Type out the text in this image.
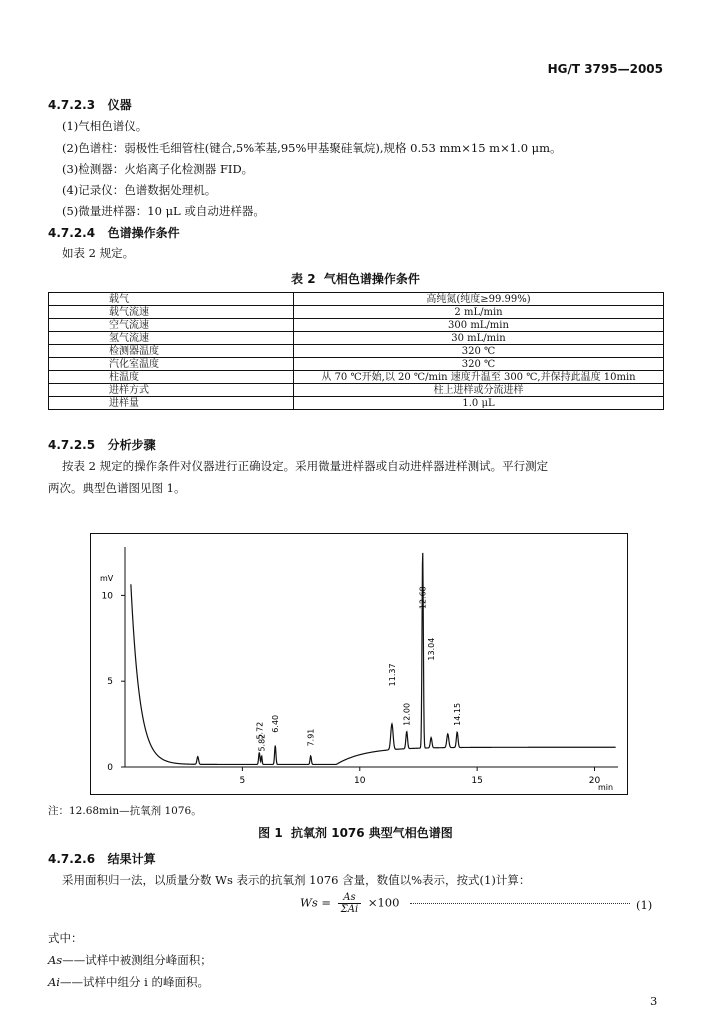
HG/T 3795—2005
4.7.2.3 仪器
(1)气相色谱仪。
(2)色谱柱：弱极性毛细管柱(键合,5%苯基,95%甲基聚硅氧烷),规格 0.53 mm×15 m×1.0 μm。
(3)检测器：火焰离子化检测器 FID。
(4)记录仪：色谱数据处理机。
(5)微量进样器：10 μL 或自动进样器。
4.7.2.4 色谱操作条件
如表 2 规定。
表 2  气相色谱操作条件
载气	高纯氮(纯度≥99.99%)
载气流速	2 mL/min
空气流速	300 mL/min
氢气流速	30 mL/min
检测器温度	320 ℃
汽化室温度	320 ℃
柱温度	从 70 ℃开始,以 20 ℃/min 速度升温至 300 ℃,并保持此温度 10min
进样方式	柱上进样或分流进样
进样量	1.0 μL
4.7.2.5 分析步骤
按表 2 规定的操作条件对仪器进行正确设定。采用微量进样器或自动进样器进样测试。平行测定
两次。典型色谱图见图 1。
0
5
10
5	10	15	20
mV
min
5.72
5.82
6.40
7.91
11.37
12.00
12.68
13.04
14.15
注：12.68min—抗氧剂 1076。
图 1  抗氧剂 1076 典型气相色谱图
4.7.2.6 结果计算
采用面积归一法，以质量分数 Ws 表示的抗氧剂 1076 含量，数值以%表示，按式(1)计算：
$Ws = \frac{As}{\text{ΣAi}} \times 100$	(1)
式中：
As——试样中被测组分峰面积；
Ai——试样中组分 i 的峰面积。
3
